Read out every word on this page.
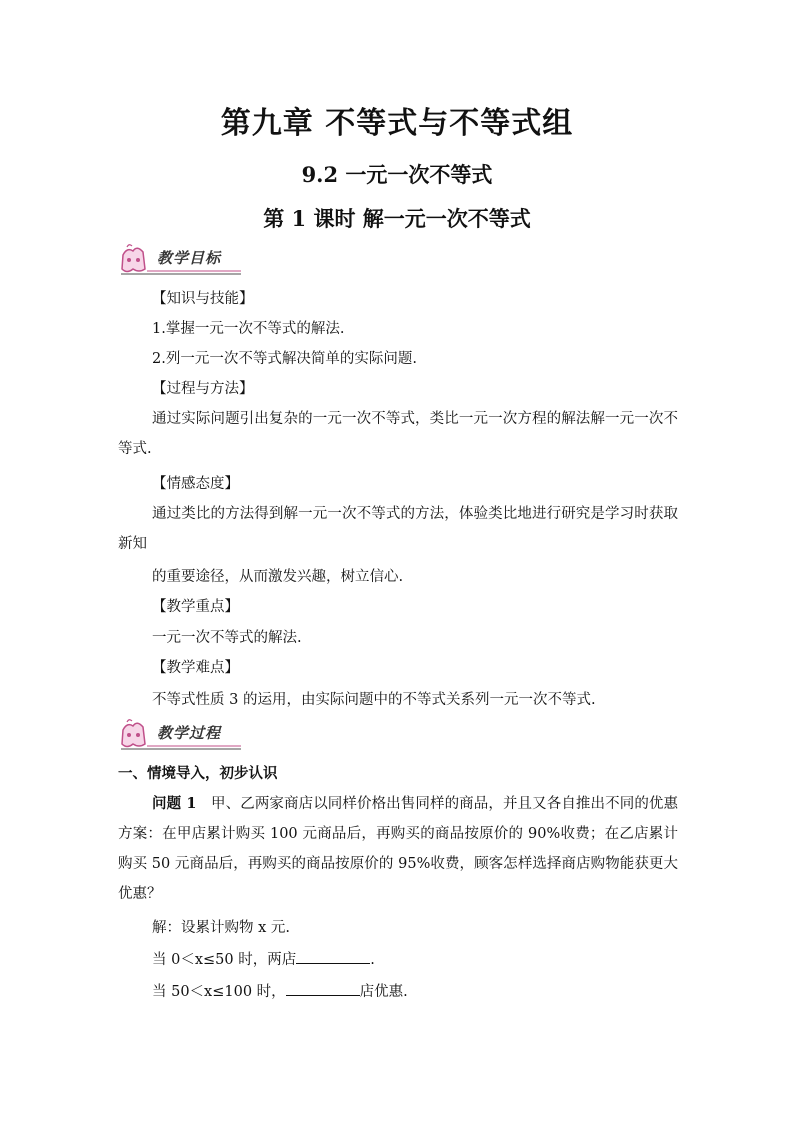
第九章 不等式与不等式组
9.2 一元一次不等式
第 1 课时 解一元一次不等式
教学目标
【知识与技能】
1.掌握一元一次不等式的解法.
2.列一元一次不等式解决简单的实际问题.
【过程与方法】
通过实际问题引出复杂的一元一次不等式，类比一元一次方程的解法解一元一次不等式.
【情感态度】
通过类比的方法得到解一元一次不等式的方法，体验类比地进行研究是学习时获取新知
的重要途径，从而激发兴趣，树立信心.
【教学重点】
一元一次不等式的解法.
【教学难点】
不等式性质 3 的运用，由实际问题中的不等式关系列一元一次不等式.
教学过程
一、情境导入，初步认识
问题 1  甲、乙两家商店以同样价格出售同样的商品，并且又各自推出不同的优惠方案：在甲店累计购买 100 元商品后，再购买的商品按原价的 90%收费；在乙店累计购买 50 元商品后，再购买的商品按原价的 95%收费，顾客怎样选择商店购物能获更大优惠？
解：设累计购物 x 元.
当 0＜x≤50 时，两店	.
当 50＜x≤100 时，	店优惠.
